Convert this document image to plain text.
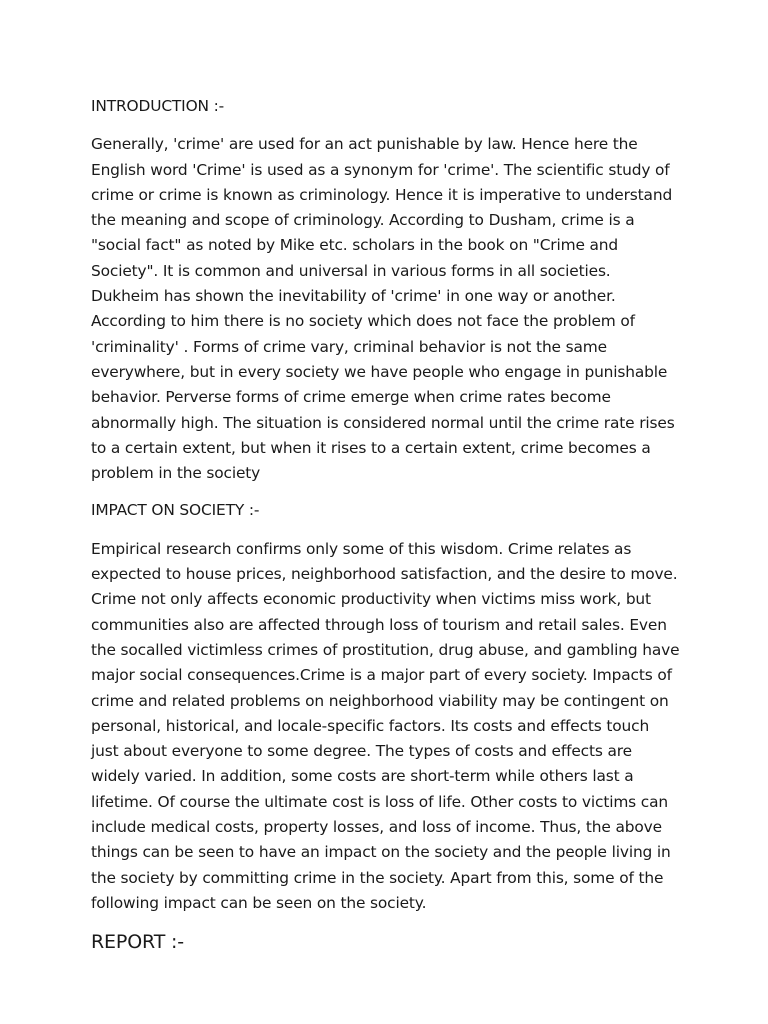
INTRODUCTION :-

Generally, 'crime' are used for an act punishable by law. Hence here the English word 'Crime' is used as a synonym for 'crime'. The scientific study of crime or crime is known as criminology. Hence it is imperative to understand the meaning and scope of criminology. According to Dusham, crime is a "social fact" as noted by Mike etc. scholars in the book on "Crime and Society". It is common and universal in various forms in all societies. Dukheim has shown the inevitability of 'crime' in one way or another. According to him there is no society which does not face the problem of 'criminality' . Forms of crime vary, criminal behavior is not the same everywhere, but in every society we have people who engage in punishable behavior. Perverse forms of crime emerge when crime rates become abnormally high. The situation is considered normal until the crime rate rises to a certain extent, but when it rises to a certain extent, crime becomes a problem in the society

IMPACT ON SOCIETY :-

Empirical research confirms only some of this wisdom. Crime relates as expected to house prices, neighborhood satisfaction, and the desire to move. Crime not only affects economic productivity when victims miss work, but communities also are affected through loss of tourism and retail sales. Even the socalled victimless crimes of prostitution, drug abuse, and gambling have major social consequences.Crime is a major part of every society. Impacts of crime and related problems on neighborhood viability may be contingent on personal, historical, and locale-specific factors. Its costs and effects touch just about everyone to some degree. The types of costs and effects are widely varied. In addition, some costs are short-term while others last a lifetime. Of course the ultimate cost is loss of life. Other costs to victims can include medical costs, property losses, and loss of income. Thus, the above things can be seen to have an impact on the society and the people living in the society by committing crime in the society. Apart from this, some of the following impact can be seen on the society.

REPORT :-
